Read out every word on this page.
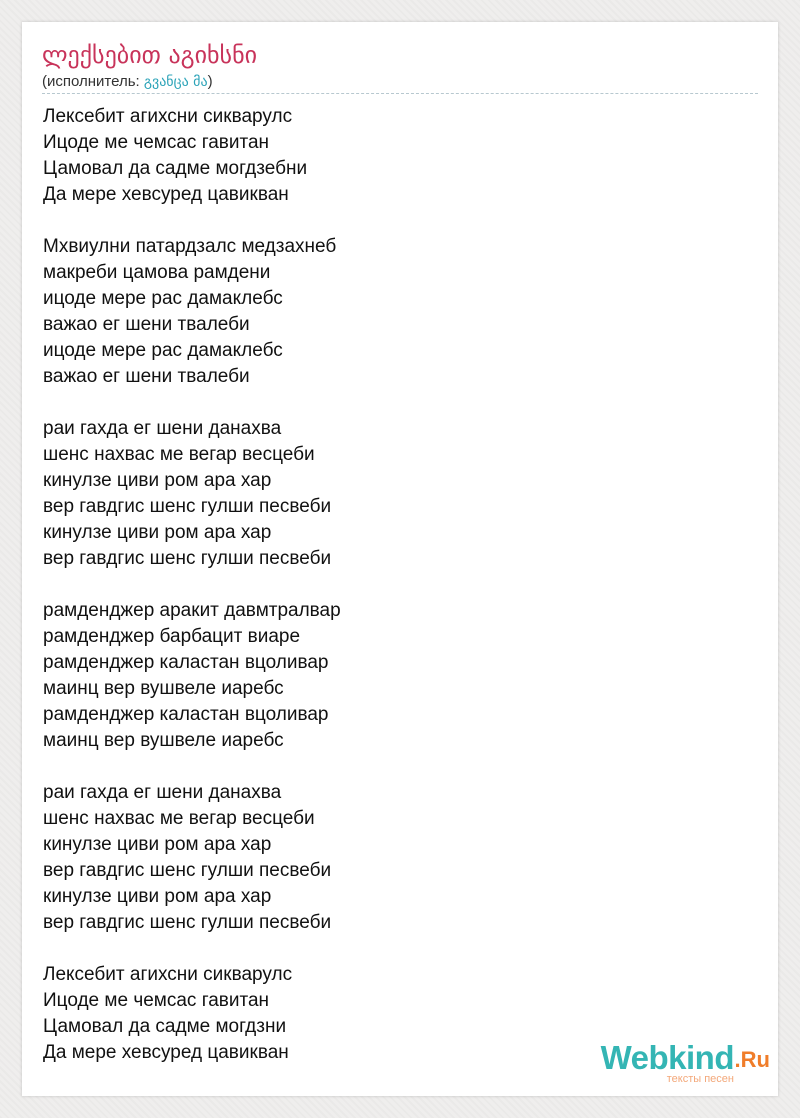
ლექსებით აგიხსნი
(исполнитель: გვანცა მა)
Лексебит агихсни сикварулс
Ицоде ме чемсас гавитан
Цамовал да садме могдзебни
Да мере хевсуред цавикван
Мхвиулни патардзалс медзахнеб
макреби цамова рамдени
ицоде мере рас дамаклебс
важао ег шени твалеби
ицоде мере рас дамаклебс
важао ег шени твалеби
раи гахда ег шени данахва
шенс нахвас ме вегар весцеби
кинулзе циви ром ара хар
вер гавдгис шенс гулши песвеби
кинулзе циви ром ара хар
вер гавдгис шенс гулши песвеби
рамденджер аракит давмтралвар
рамденджер барбацит виаре
рамденджер каластан вцоливар
маинц вер вушвеле иаребс
рамденджер каластан вцоливар
маинц вер вушвеле иаребс
раи гахда ег шени данахва
шенс нахвас ме вегар весцеби
кинулзе циви ром ара хар
вер гавдгис шенс гулши песвеби
кинулзе циви ром ара хар
вер гавдгис шенс гулши песвеби
Лексебит агихсни сикварулс
Ицоде ме чемсас гавитан
Цамовал да садме могдзни
Да мере хевсуред цавикван	Webkind .Ru
тексты песен
